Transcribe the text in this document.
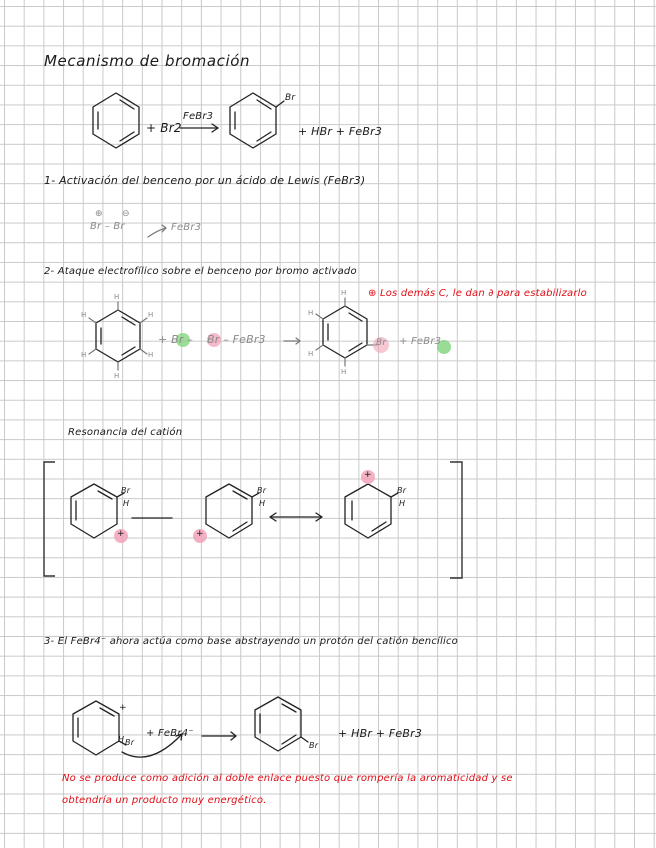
Mecanismo de bromación
+ Br2
FeBr3
Br
+ HBr + FeBr3
1- Activación del benceno por un ácido de Lewis (FeBr3)
⊕ ⊖
Br – Br	FeBr3
2- Ataque electrofílico sobre el benceno por bromo activado
⊕ Los demás C, le dan ∂ para estabilizarlo
H
H
H
H
H
H
+ Br – Br – FeBr3
H
H
H
H
Br + FeBr3
Resonancia del catión
Br
H
+
Br
H
+
Br
H
+
3- El FeBr4⁻ ahora actúa como base abstrayendo un protón del catión bencílico
+
Br
H
+ FeBr4⁻
Br
+ HBr + FeBr3
No se produce como adición al doble enlace puesto que rompería la aromaticidad y se
obtendría un producto muy energético.
